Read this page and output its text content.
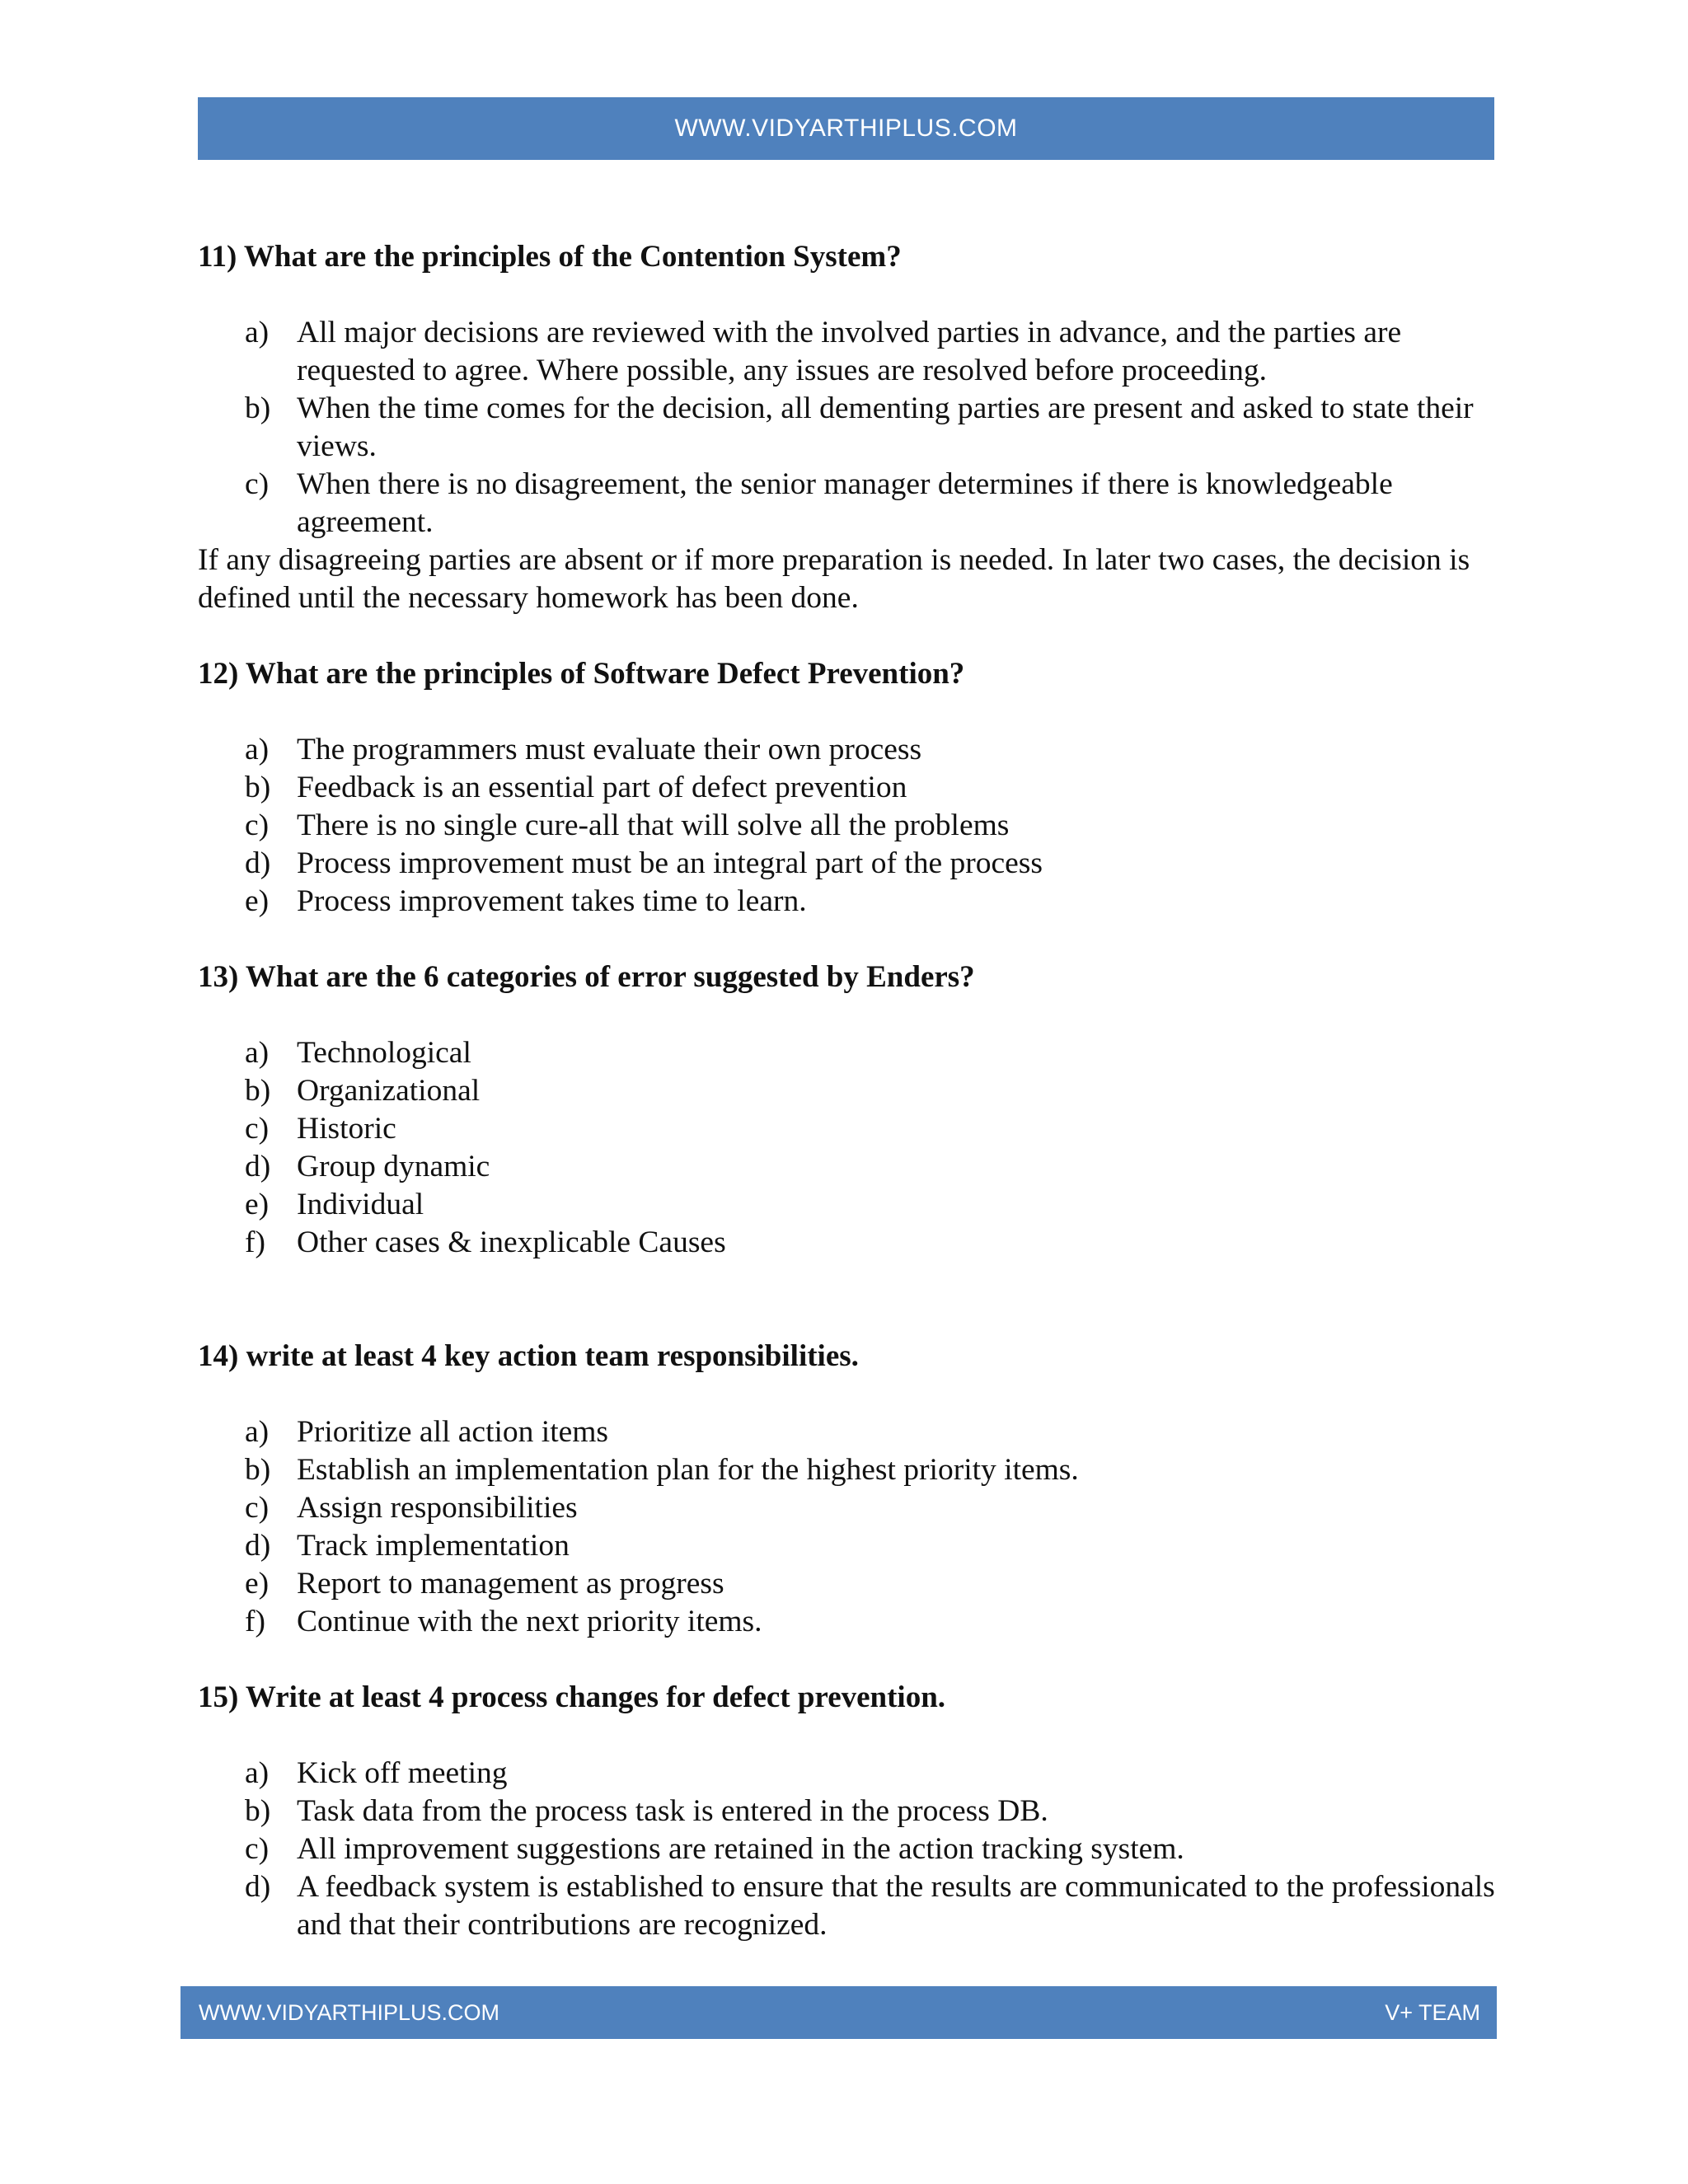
WWW.VIDYARTHIPLUS.COM
11) What are the principles of the Contention System?
a) All major decisions are reviewed with the involved parties in advance, and the parties are requested to agree. Where possible, any issues are resolved before proceeding.
b) When the time comes for the decision, all dementing parties are present and asked to state their views.
c) When there is no disagreement, the senior manager determines if there is knowledgeable agreement.

If any disagreeing parties are absent or if more preparation is needed. In later two cases, the decision is defined until the necessary homework has been done.

12) What are the principles of Software Defect Prevention?
a) The programmers must evaluate their own process
b) Feedback is an essential part of defect prevention
c) There is no single cure-all that will solve all the problems
d) Process improvement must be an integral part of the process
e) Process improvement takes time to learn.
13) What are the 6 categories of error suggested by Enders?
a) Technological
b) Organizational
c) Historic
d) Group dynamic
e) Individual
f)	Other cases & inexplicable Causes
14) write at least 4 key action team responsibilities.
a) Prioritize all action items
b) Establish an implementation plan for the highest priority items.
c) Assign responsibilities
d) Track implementation
e) Report to management as progress
f)	Continue with the next priority items.
15) Write at least 4 process changes for defect prevention.
a) Kick off meeting
b) Task data from the process task is entered in the process DB.
c) All improvement suggestions are retained in the action tracking system.
d) A feedback system is established to ensure that the results are communicated to the professionals and that their contributions are recognized.
WWW.VIDYARTHIPLUS.COM	V+ TEAM
